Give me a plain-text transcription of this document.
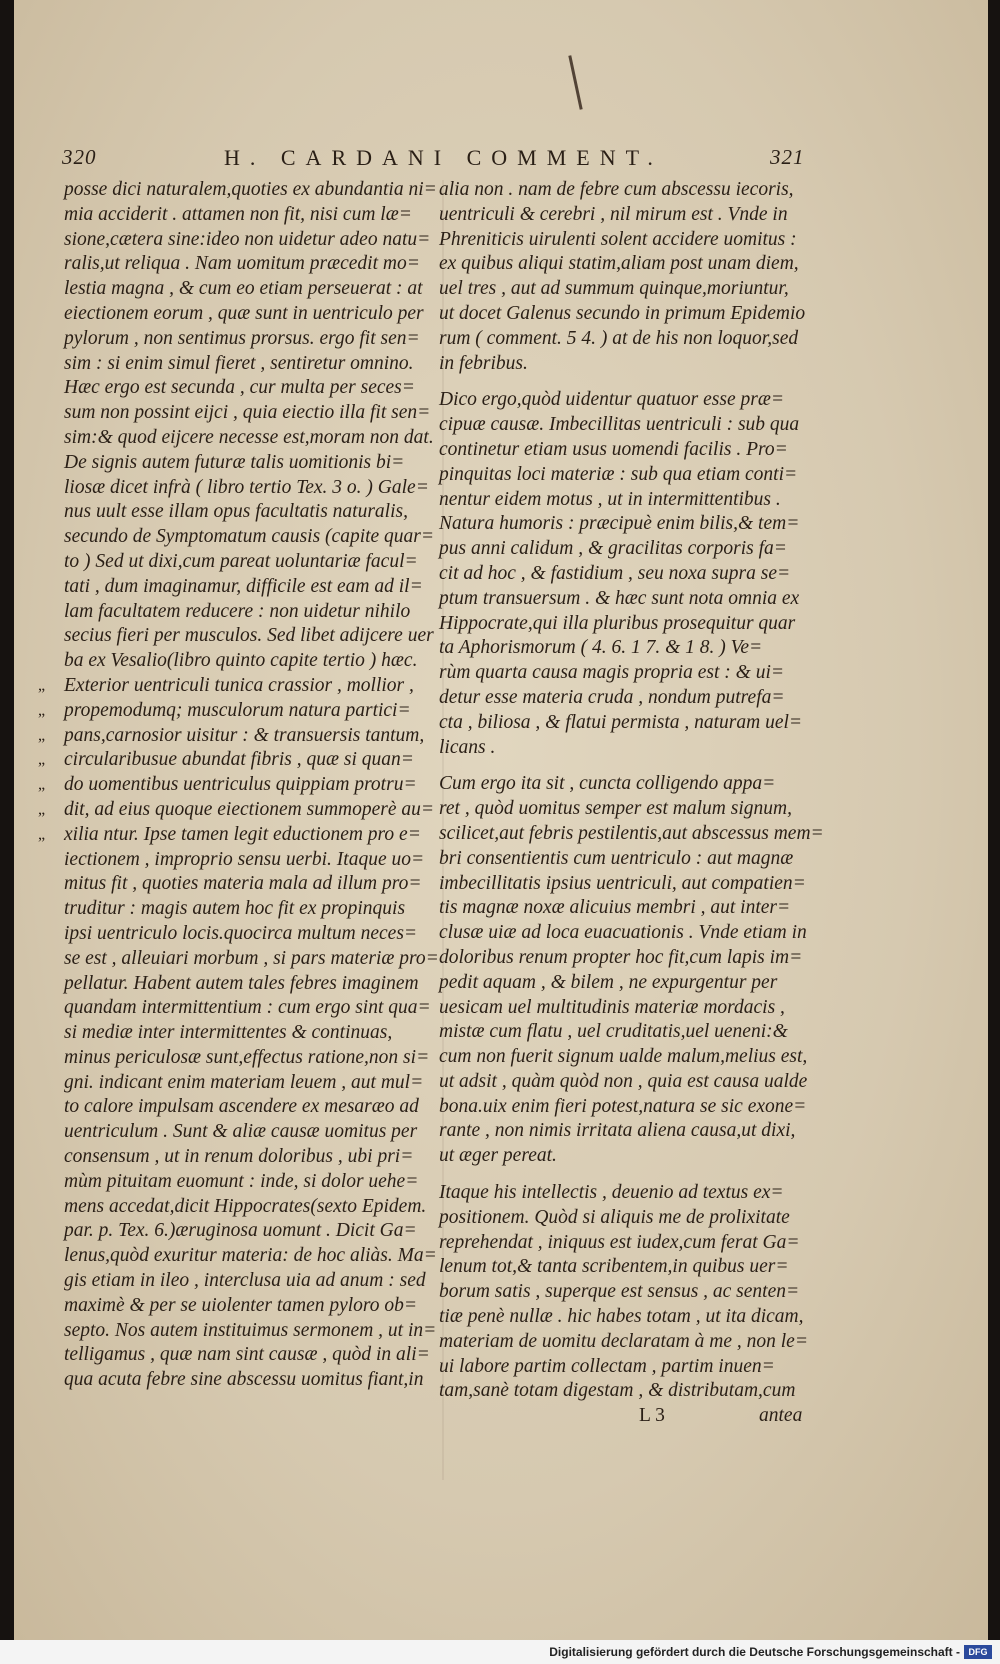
320	H. CARDANI COMMENT.	321
posse dici naturalem,quoties ex abundantia ni=
mia acciderit . attamen non fit, nisi cum læ=
sione,cætera sine:ideo non uidetur adeo natu=
ralis,ut reliqua . Nam uomitum præcedit mo=
lestia magna , & cum eo etiam perseuerat : at
eiectionem eorum , quæ sunt in uentriculo per
pylorum , non sentimus prorsus. ergo fit sen=
sim : si enim simul fieret , sentiretur omnino.
Hæc ergo est secunda , cur multa per seces=
sum non possint eijci , quia eiectio illa fit sen=
sim:& quod eijcere necesse est,moram non dat.
De signis autem futuræ talis uomitionis bi=
liosæ dicet infrà ( libro tertio Tex. 3 o. ) Gale=
nus uult esse illam opus facultatis naturalis,
secundo de Symptomatum causis (capite quar=
to ) Sed ut dixi,cum pareat uoluntariæ facul=
tati , dum imaginamur, difficile est eam ad il=
lam facultatem reducere : non uidetur nihilo
secius fieri per musculos. Sed libet adijcere uer
ba ex Vesalio(libro quinto capite tertio ) hæc.
„ Exterior uentriculi tunica crassior , mollior ,
„ propemodumq; musculorum natura partici=
„ pans,carnosior uisitur : & transuersis tantum,
„ circularibusue abundat fibris , quæ si quan=
„ do uomentibus uentriculus quippiam protru=
„ dit, ad eius quoque eiectionem summoperè au=
„ xilia ntur. Ipse tamen legit eductionem pro e=
iectionem , improprio sensu uerbi. Itaque uo=
mitus fit , quoties materia mala ad illum pro=
truditur : magis autem hoc fit ex propinquis
ipsi uentriculo locis.quocirca multum neces=
se est , alleuiari morbum , si pars materiæ pro=
pellatur. Habent autem tales febres imaginem
quandam intermittentium : cum ergo sint qua=
si mediæ inter intermittentes & continuas,
minus periculosæ sunt,effectus ratione,non si=
gni. indicant enim materiam leuem , aut mul=
to calore impulsam ascendere ex mesaræo ad
uentriculum . Sunt & aliæ causæ uomitus per
consensum , ut in renum doloribus , ubi pri=
mùm pituitam euomunt : inde, si dolor uehe=
mens accedat,dicit Hippocrates(sexto Epidem.
par. p. Tex. 6.)æruginosa uomunt . Dicit Ga=
lenus,quòd exuritur materia: de hoc aliàs. Ma=
gis etiam in ileo , interclusa uia ad anum : sed
maximè & per se uiolenter tamen pyloro ob=
septo. Nos autem instituimus sermonem , ut in=
telligamus , quæ nam sint causæ , quòd in ali=
qua acuta febre sine abscessu uomitus fiant,in
alia non . nam de febre cum abscessu iecoris,
uentriculi & cerebri , nil mirum est . Vnde in
Phreniticis uirulenti solent accidere uomitus :
ex quibus aliqui statim,aliam post unam diem,
uel tres , aut ad summum quinque,moriuntur,
ut docet Galenus secundo in primum Epidemio
rum ( comment. 5 4. ) at de his non loquor,sed
in febribus.
Dico ergo,quòd uidentur quatuor esse præ=
cipuæ causæ. Imbecillitas uentriculi : sub qua
continetur etiam usus uomendi facilis . Pro=
pinquitas loci materiæ : sub qua etiam conti=
nentur eidem motus , ut in intermittentibus .
Natura humoris : præcipuè enim bilis,& tem=
pus anni calidum , & gracilitas corporis fa=
cit ad hoc , & fastidium , seu noxa supra se=
ptum transuersum . & hæc sunt nota omnia ex
Hippocrate,qui illa pluribus prosequitur quar
ta Aphorismorum ( 4. 6. 1 7. & 1 8. ) Ve=
rùm quarta causa magis propria est : & ui=
detur esse materia cruda , nondum putrefa=
cta , biliosa , & flatui permista , naturam uel=
licans .
Cum ergo ita sit , cuncta colligendo appa=
ret , quòd uomitus semper est malum signum,
scilicet,aut febris pestilentis,aut abscessus mem=
bri consentientis cum uentriculo : aut magnæ
imbecillitatis ipsius uentriculi, aut compatien=
tis magnæ noxæ alicuius membri , aut inter=
clusæ uiæ ad loca euacuationis . Vnde etiam in
doloribus renum propter hoc fit,cum lapis im=
pedit aquam , & bilem , ne expurgentur per
uesicam uel multitudinis materiæ mordacis ,
mistæ cum flatu , uel cruditatis,uel ueneni:&
cum non fuerit signum ualde malum,melius est,
ut adsit , quàm quòd non , quia est causa ualde
bona.uix enim fieri potest,natura se sic exone=
rante , non nimis irritata aliena causa,ut dixi,
ut æger pereat.
Itaque his intellectis , deuenio ad textus ex=
positionem. Quòd si aliquis me de prolixitate
reprehendat , iniquus est iudex,cum ferat Ga=
lenum tot,& tanta scribentem,in quibus uer=
borum satis , superque est sensus , ac senten=
tiæ penè nullæ . hic habes totam , ut ita dicam,
materiam de uomitu declaratam à me , non le=
ui labore partim collectam , partim inuen=
tam,sanè totam digestam , & distributam,cum
L 3	antea
Digitalisierung gefördert durch die Deutsche Forschungsgemeinschaft - DFG
